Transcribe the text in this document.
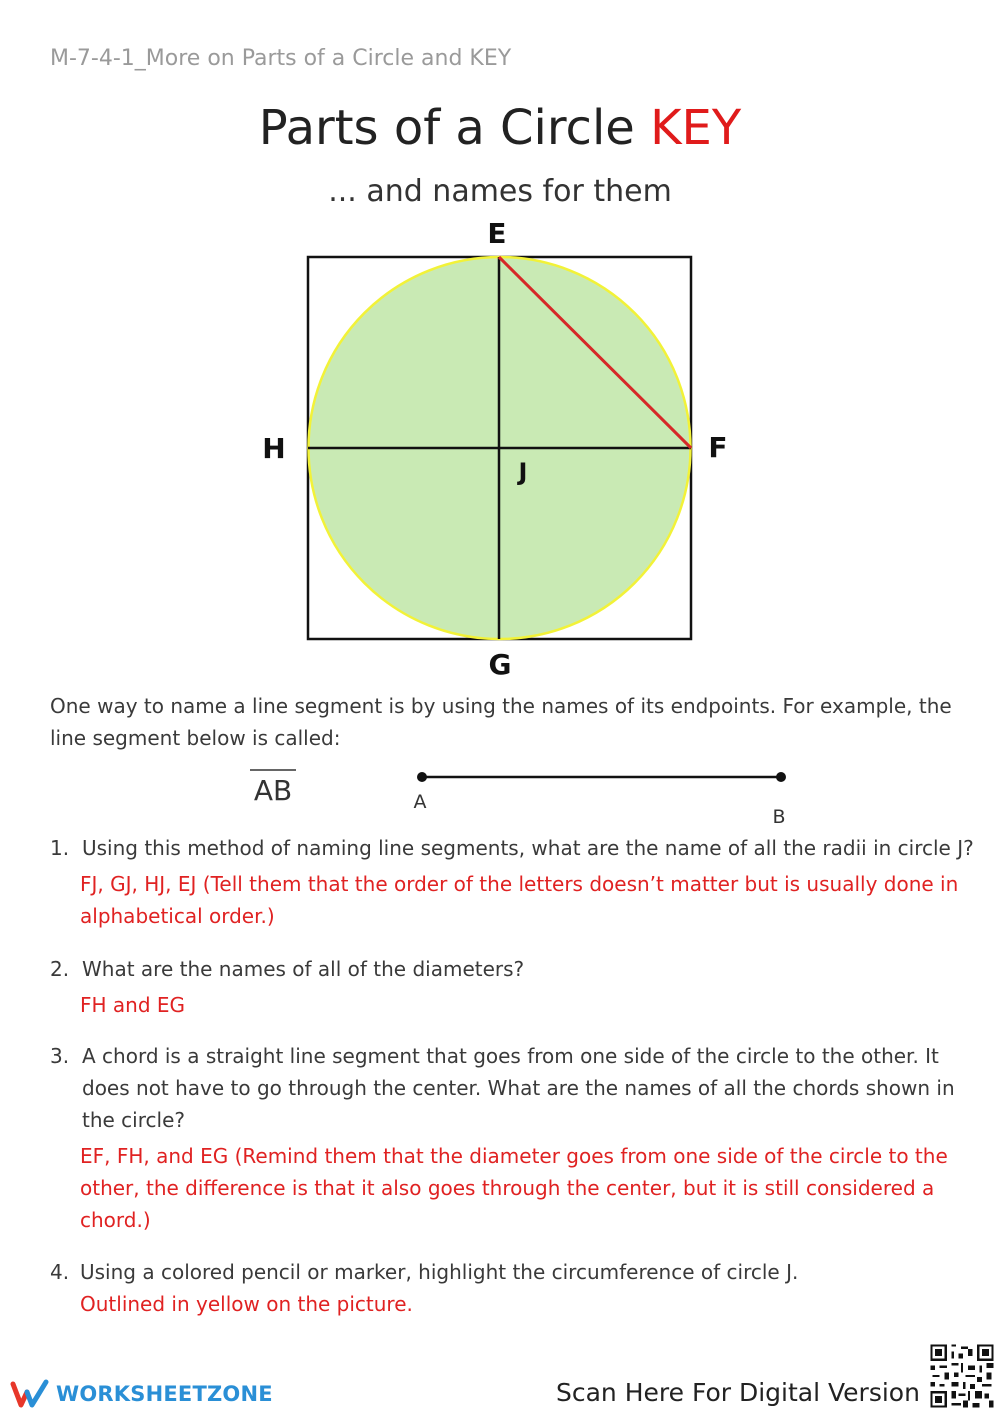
M-7-4-1_More on Parts of a Circle and KEY
Parts of a Circle KEY
... and names for them
E
F
G
H
J
One way to name a line segment is by using the names of its endpoints. For example, the line segment below is called:
AB	A
B
1. Using this method of naming line segments, what are the name of all the radii in circle J?
FJ, GJ, HJ, EJ (Tell them that the order of the letters doesn’t matter but is usually done in alphabetical order.)
2. What are the names of all of the diameters?
FH and EG
3. A chord is a straight line segment that goes from one side of the circle to the other. It does not have to go through the center. What are the names of all the chords shown in the circle?
EF, FH, and EG (Remind them that the diameter goes from one side of the circle to the other, the difference is that it also goes through the center, but it is still considered a chord.)
4. Using a colored pencil or marker, highlight the circumference of circle J.
Outlined in yellow on the picture.
WORKSHEETZONE	Scan Here For Digital Version
